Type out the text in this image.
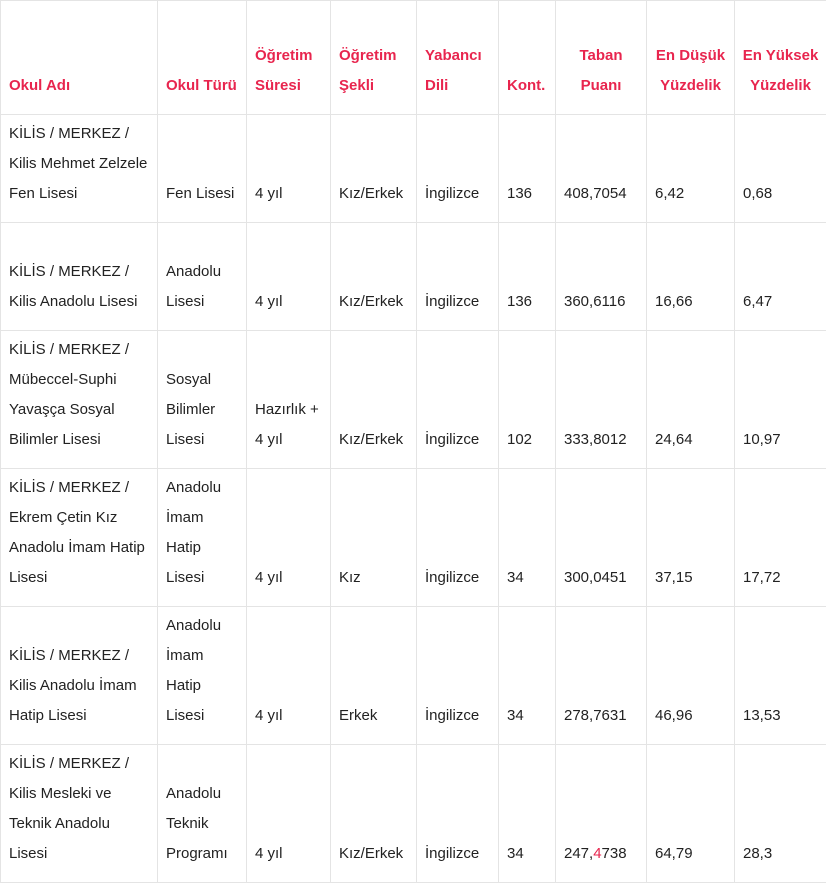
Okul Adı	Okul Türü	Öğretim Süresi	Öğretim Şekli	Yabancı Dili	Kont.	Taban Puanı	En Düşük Yüzdelik	En Yüksek Yüzdelik
KİLİS / MERKEZ / Kilis Mehmet Zelzele Fen Lisesi	Fen Lisesi	4 yıl	Kız/Erkek	İngilizce	136	408,7054	6,42	0,68
KİLİS / MERKEZ / Kilis Anadolu Lisesi	Anadolu Lisesi	4 yıl	Kız/Erkek	İngilizce	136	360,6116	16,66	6,47
KİLİS / MERKEZ / Mübeccel-Suphi Yavaşça Sosyal Bilimler Lisesi	Sosyal Bilimler Lisesi	Hazırlık + 4 yıl	Kız/Erkek	İngilizce	102	333,8012	24,64	10,97
KİLİS / MERKEZ / Ekrem Çetin Kız Anadolu İmam Hatip Lisesi	Anadolu İmam Hatip Lisesi	4 yıl	Kız	İngilizce	34	300,0451	37,15	17,72
KİLİS / MERKEZ / Kilis Anadolu İmam Hatip Lisesi	Anadolu İmam Hatip Lisesi	4 yıl	Erkek	İngilizce	34	278,7631	46,96	13,53
KİLİS / MERKEZ / Kilis Mesleki ve Teknik Anadolu Lisesi	Anadolu Teknik Programı	4 yıl	Kız/Erkek	İngilizce	34	247,4738	64,79	28,3
